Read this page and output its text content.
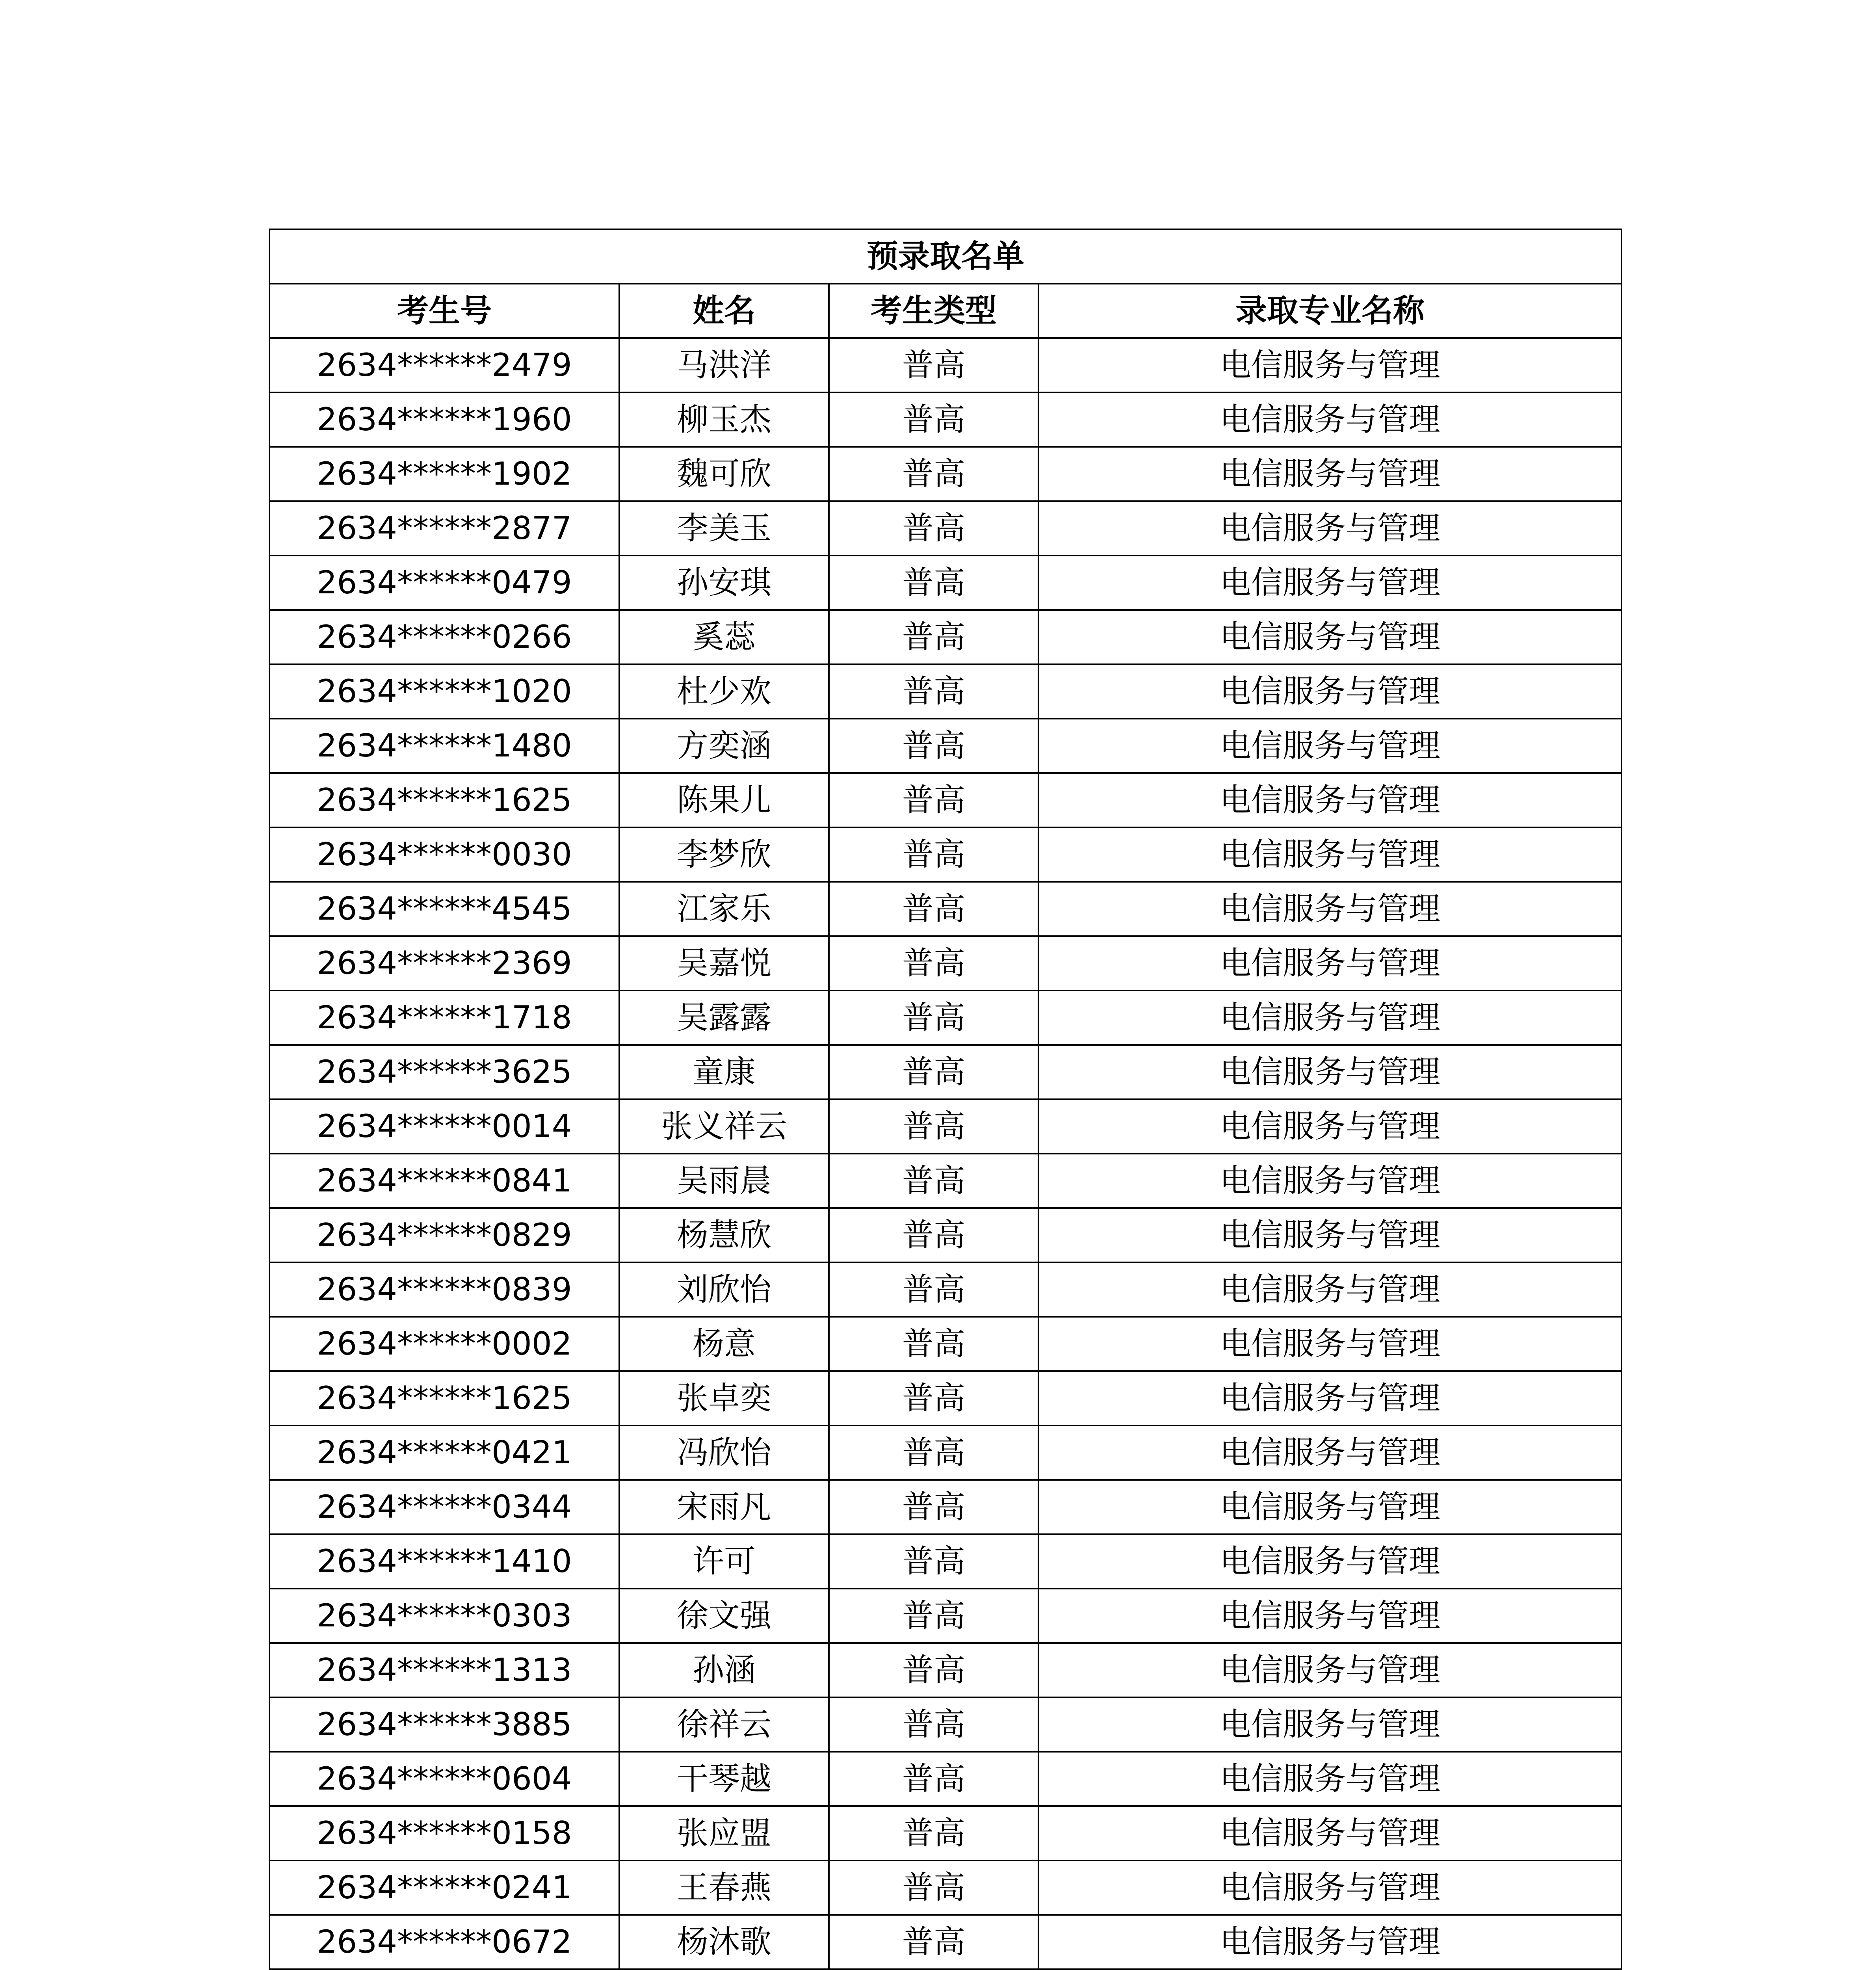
预录取名单			
考生号	姓名	考生类型	录取专业名称
2634******2479	马洪洋	普高	电信服务与管理
2634******1960	柳玉杰	普高	电信服务与管理
2634******1902	魏可欣	普高	电信服务与管理
2634******2877	李美玉	普高	电信服务与管理
2634******0479	孙安琪	普高	电信服务与管理
2634******0266	奚蕊	普高	电信服务与管理
2634******1020	杜少欢	普高	电信服务与管理
2634******1480	方奕涵	普高	电信服务与管理
2634******1625	陈果儿	普高	电信服务与管理
2634******0030	李梦欣	普高	电信服务与管理
2634******4545	江家乐	普高	电信服务与管理
2634******2369	吴嘉悦	普高	电信服务与管理
2634******1718	吴露露	普高	电信服务与管理
2634******3625	童康	普高	电信服务与管理
2634******0014	张义祥云	普高	电信服务与管理
2634******0841	吴雨晨	普高	电信服务与管理
2634******0829	杨慧欣	普高	电信服务与管理
2634******0839	刘欣怡	普高	电信服务与管理
2634******0002	杨意	普高	电信服务与管理
2634******1625	张卓奕	普高	电信服务与管理
2634******0421	冯欣怡	普高	电信服务与管理
2634******0344	宋雨凡	普高	电信服务与管理
2634******1410	许可	普高	电信服务与管理
2634******0303	徐文强	普高	电信服务与管理
2634******1313	孙涵	普高	电信服务与管理
2634******3885	徐祥云	普高	电信服务与管理
2634******0604	干琴越	普高	电信服务与管理
2634******0158	张应盟	普高	电信服务与管理
2634******0241	王春燕	普高	电信服务与管理
2634******0672	杨沐歌	普高	电信服务与管理
